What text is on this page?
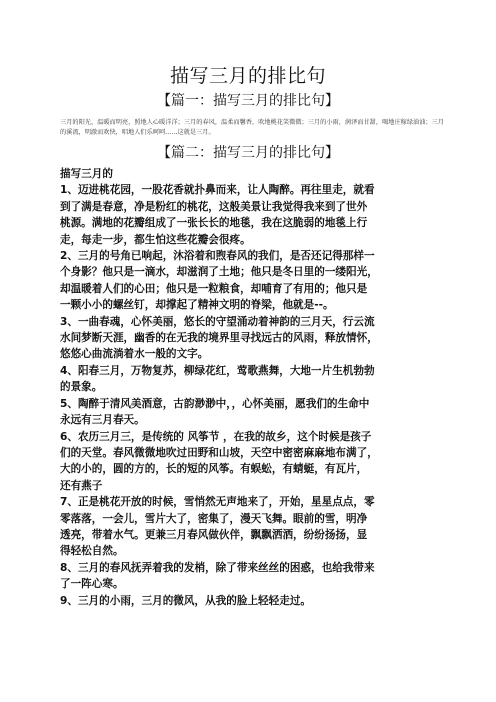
描写三月的排比句
【篇一：描写三月的排比句】

三月的阳光，温暖而明亮，照地人心暖洋洋；三月的春风，温柔而馨香，吹地桃花笑微微；三月的小雨，润泽而甘甜，喝地庄稼绿油油；三月的溪流，明澈而欢快，唱地人们乐呵呵……这就是三月。

【篇二：描写三月的排比句】

描写三月的

1、迈进桃花园，一股花香就扑鼻而来，让人陶醉。再往里走，就看
到了满是春意，净是粉红的桃花，这般美景让我觉得我来到了世外
桃源。满地的花瓣组成了一张长长的地毯，我在这脆弱的地毯上行
走，每走一步，都生怕这些花瓣会很疼。

2、三月的号角已响起，沐浴着和煦春风的我们，是否还记得那样一
个身影？他只是一滴水，却滋润了土地；他只是冬日里的一缕阳光，
却温暖着人们的心田；他只是一粒粮食，却哺育了有用的；他只是
一颗小小的螺丝钉，却撑起了精神文明的脊梁，他就是--。

3、一曲春魂，心怀美丽，悠长的守望涌动着神韵的三月天，行云流
水间梦断天涯，幽香的在无我的境界里寻找远古的风雨，释放情怀，
悠悠心曲流淌着水一般的文字。

4、阳春三月，万物复苏，柳绿花红，莺歌燕舞，大地一片生机勃勃
的景象。

5、陶醉于清风美酒意，古韵渺渺中，，心怀美丽，愿我们的生命中
永远有三月春天。

6、农历三月三，是传统的 风筝节 ，在我的故乡，这个时候是孩子
们的天堂。春风微微地吹过田野和山坡，天空中密密麻麻地布满了，
大的小的，圆的方的，长的短的风筝。有蜈蚣，有蜻蜓，有瓦片，
还有燕子

7、正是桃花开放的时候，雪悄然无声地来了，开始，星星点点，零
零落落，一会儿，雪片大了，密集了，漫天飞舞。眼前的雪，明净
透亮，带着水气。更兼三月春风做伙伴，飘飘洒洒，纷纷扬扬，显
得轻松自然。

8、三月的春风抚弄着我的发梢，除了带来丝丝的困惑，也给我带来
了一阵心寒。

9、三月的小雨，三月的微风，从我的脸上轻轻走过。
